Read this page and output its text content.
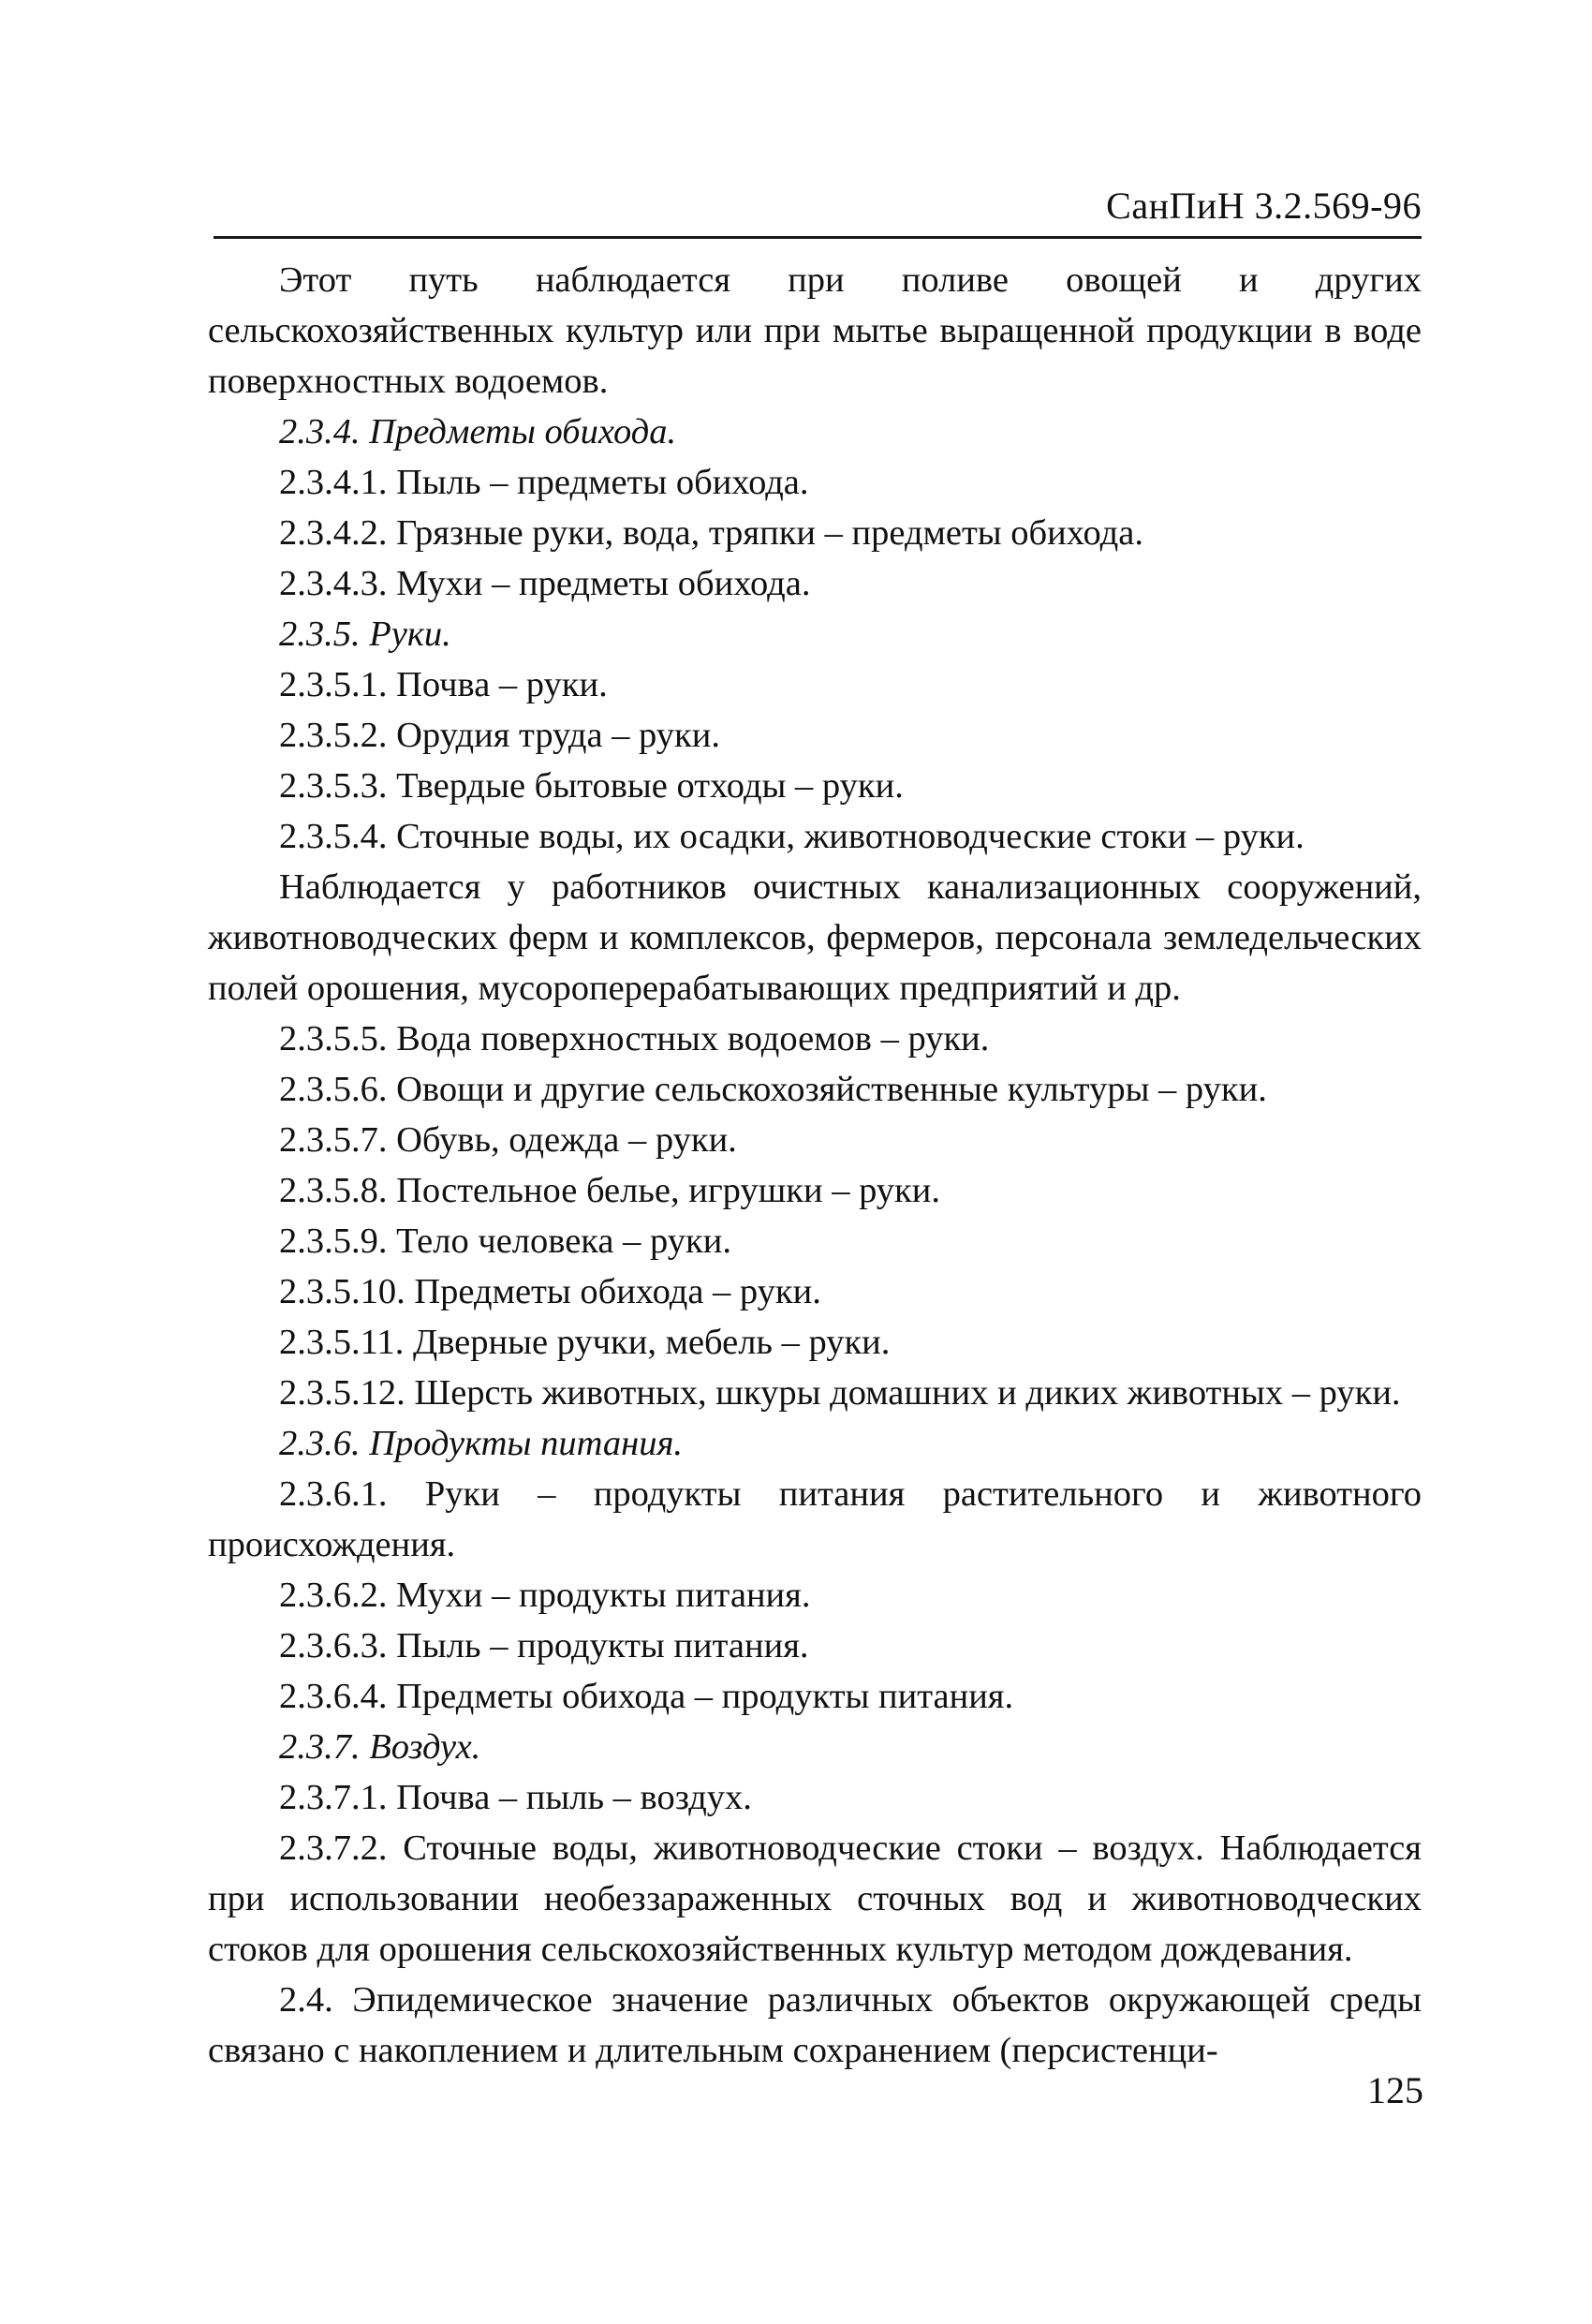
СанПиН 3.2.569-96

Этот путь наблюдается при поливе овощей и других сельскохозяйственных культур или при мытье выращенной продукции в воде поверхностных водоемов.

2.3.4. Предметы обихода.

2.3.4.1. Пыль – предметы обихода.

2.3.4.2. Грязные руки, вода, тряпки – предметы обихода.

2.3.4.3. Мухи – предметы обихода.

2.3.5. Руки.

2.3.5.1. Почва – руки.

2.3.5.2. Орудия труда – руки.

2.3.5.3. Твердые бытовые отходы – руки.

2.3.5.4. Сточные воды, их осадки, животноводческие стоки – руки.

Наблюдается у работников очистных канализационных сооружений, животноводческих ферм и комплексов, фермеров, персонала земледельческих полей орошения, мусороперерабатывающих предприятий и др.

2.3.5.5. Вода поверхностных водоемов – руки.

2.3.5.6. Овощи и другие сельскохозяйственные культуры – руки.

2.3.5.7. Обувь, одежда – руки.

2.3.5.8. Постельное белье, игрушки – руки.

2.3.5.9. Тело человека – руки.

2.3.5.10. Предметы обихода – руки.

2.3.5.11. Дверные ручки, мебель – руки.

2.3.5.12. Шерсть животных, шкуры домашних и диких животных – руки.

2.3.6. Продукты питания.

2.3.6.1. Руки – продукты питания растительного и животного происхождения.

2.3.6.2. Мухи – продукты питания.

2.3.6.3. Пыль – продукты питания.

2.3.6.4. Предметы обихода – продукты питания.

2.3.7. Воздух.

2.3.7.1. Почва – пыль – воздух.

2.3.7.2. Сточные воды, животноводческие стоки – воздух. Наблюдается при использовании необеззараженных сточных вод и животноводческих стоков для орошения сельскохозяйственных культур методом дождевания.

2.4. Эпидемическое значение различных объектов окружающей среды связано с накоплением и длительным сохранением (персистенци-

125
